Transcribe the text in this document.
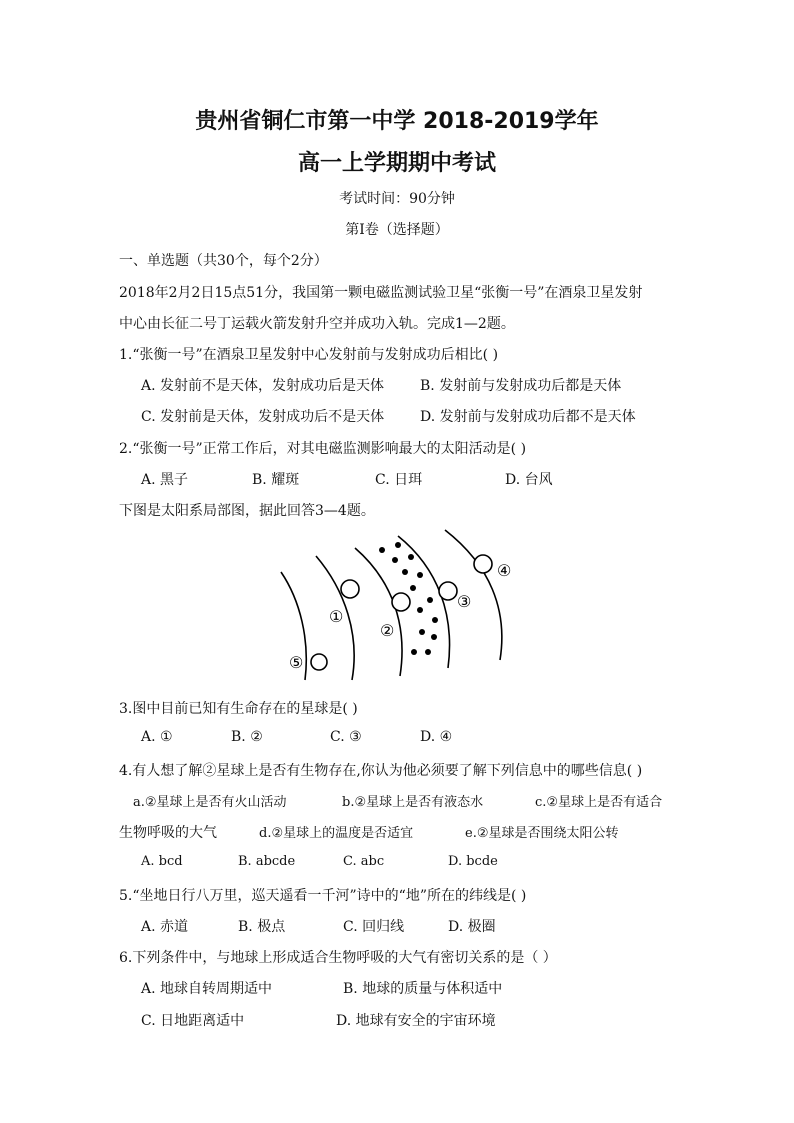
贵州省铜仁市第一中学 2018-2019学年
高一上学期期中考试
考试时间：90分钟
第Ⅰ卷（选择题）
一、单选题（共30个，每个2分）
2018年2月2日15点51分，我国第一颗电磁监测试验卫星“张衡一号”在酒泉卫星发射
中心由长征二号丁运载火箭发射升空并成功入轨。完成1—2题。
1.“张衡一号”在酒泉卫星发射中心发射前与发射成功后相比( )
A. 发射前不是天体，发射成功后是天体	B. 发射前与发射成功后都是天体
C. 发射前是天体，发射成功后不是天体	D. 发射前与发射成功后都不是天体
2.“张衡一号”正常工作后，对其电磁监测影响最大的太阳活动是( )
A. 黑子	B. 耀斑	C. 日珥	D. 台风
下图是太阳系局部图，据此回答3—4题。
①
②
③
④
⑤
3.图中目前已知有生命存在的星球是( )
A. ①	B. ②	C. ③	D. ④
4.有人想了解②星球上是否有生物存在,你认为他必须要了解下列信息中的哪些信息( )
a.②星球上是否有火山活动	b.②星球上是否有液态水	c.②星球上是否有适合
生物呼吸的大气	d.②星球上的温度是否适宜	e.②星球是否围绕太阳公转
A. bcd	B. abcde	C. abc	D. bcde
5.“坐地日行八万里，巡天遥看一千河”诗中的“地”所在的纬线是( )
A. 赤道	B. 极点	C. 回归线	D. 极圈
6.下列条件中，与地球上形成适合生物呼吸的大气有密切关系的是（ ）
A. 地球自转周期适中	B. 地球的质量与体积适中
C. 日地距离适中	D. 地球有安全的宇宙环境
